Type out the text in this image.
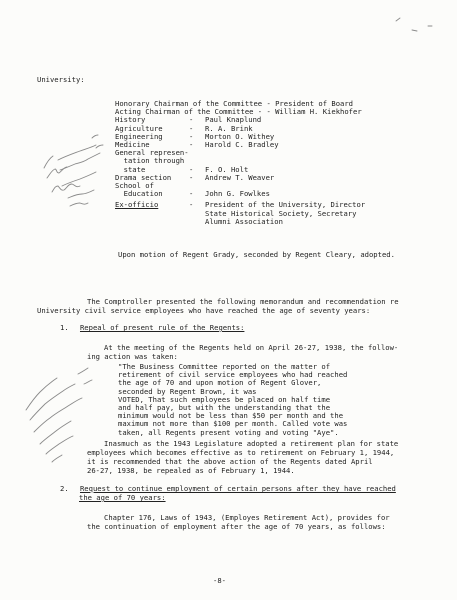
University:
Honorary Chairman of the Committee - President of Board
Acting Chairman of the Committee - - William H. Kiekhofer
History	-	Paul Knaplund
Agriculture	-	R. A. Brink
Engineering	-	Morton O. Withey
Medicine	-	Harold C. Bradley
General represen-
tation through
state	-	F. O. Holt
Drama section	-	Andrew T. Weaver
School of
Education	-	John G. Fowlkes
Ex-officio	-	President of the University, Director
State Historical Society, Secretary
Alumni Association
Upon motion of Regent Grady, seconded by Regent Cleary, adopted.
The Comptroller presented the following memorandum and recommendation re
University civil service employees who have reached the age of seventy years:
1. Repeal of present rule of the Regents:
At the meeting of the Regents held on April 26-27, 1938, the follow-
ing action was taken:
"The Business Committee reported on the matter of
retirement of civil service employees who had reached
the age of 70 and upon motion of Regent Glover,
seconded by Regent Brown, it was
VOTED, That such employees be placed on half time
and half pay, but with the understanding that the
minimum would not be less than $50 per month and the
maximum not more than $100 per month. Called vote was
taken, all Regents present voting and voting "Aye".
Inasmuch as the 1943 Legislature adopted a retirement plan for state
employees which becomes effective as to retirement on February 1, 1944,
it is recommended that the above action of the Regents dated April
26-27, 1938, be repealed as of February 1, 1944.
2. Request to continue employment of certain persons after they have reached
the age of 70 years:
Chapter 176, Laws of 1943, (Employes Retirement Act), provides for
the continuation of employment after the age of 70 years, as follows:
-8-
